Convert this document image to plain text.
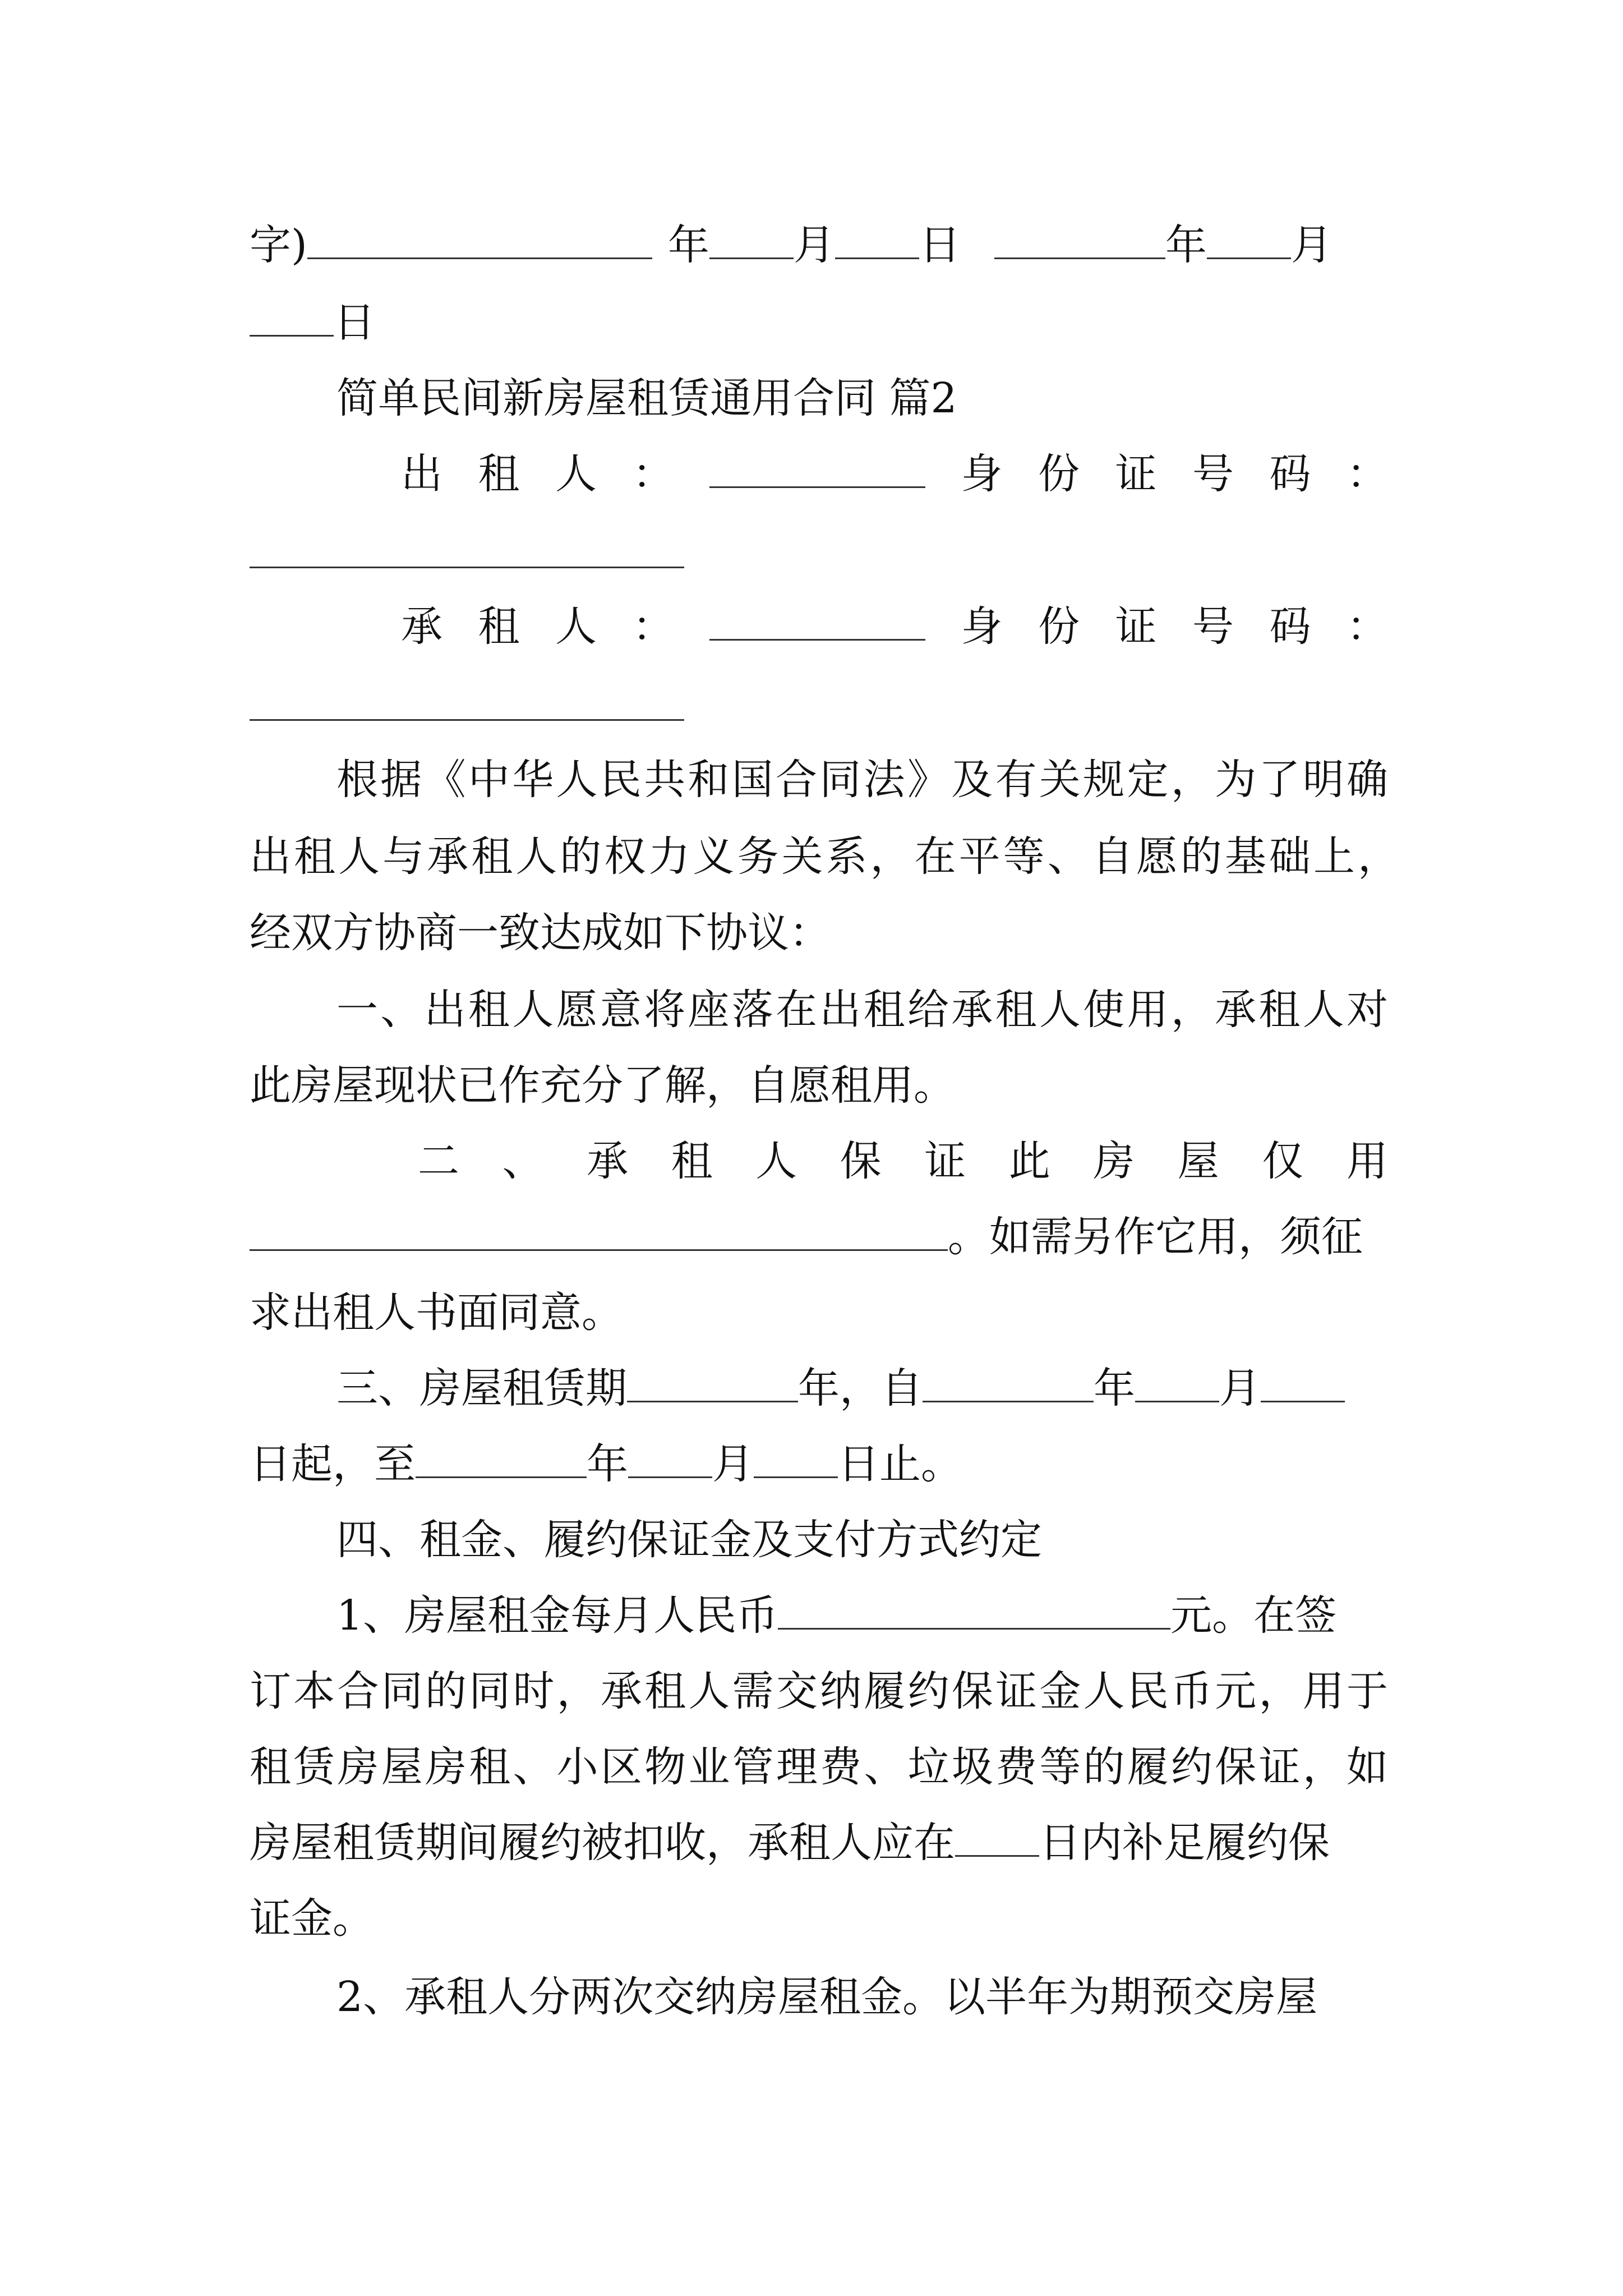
字)	年 月 日	年 月
日
简单民间新房屋租赁通用合同 篇2
出 租 人 ：	身 份 证 号 码 ：
承 租 人 ：	身 份 证 号 码 ：
根据《中华人民共和国合同法》及有关规定，为了明确
出租人与承租人的权力义务关系，在平等、自愿的基础上，
经双方协商一致达成如下协议：
一、出租人愿意将座落在出租给承租人使用，承租人对
此房屋现状已作充分了解，自愿租用。
二 、 承 租 人 保 证 此 房 屋 仅 用
。如需另作它用，须征
求出租人书面同意。
三、房屋租赁期	年，自	年 月
日起，至	年 月 日止。
四、租金、履约保证金及支付方式约定
1、房屋租金每月人民币	元。在签
订本合同的同时，承租人需交纳履约保证金人民币元，用于
租赁房屋房租、小区物业管理费、垃圾费等的履约保证，如
房屋租赁期间履约被扣收，承租人应在 日内补足履约保
证金。
2、承租人分两次交纳房屋租金。以半年为期预交房屋
